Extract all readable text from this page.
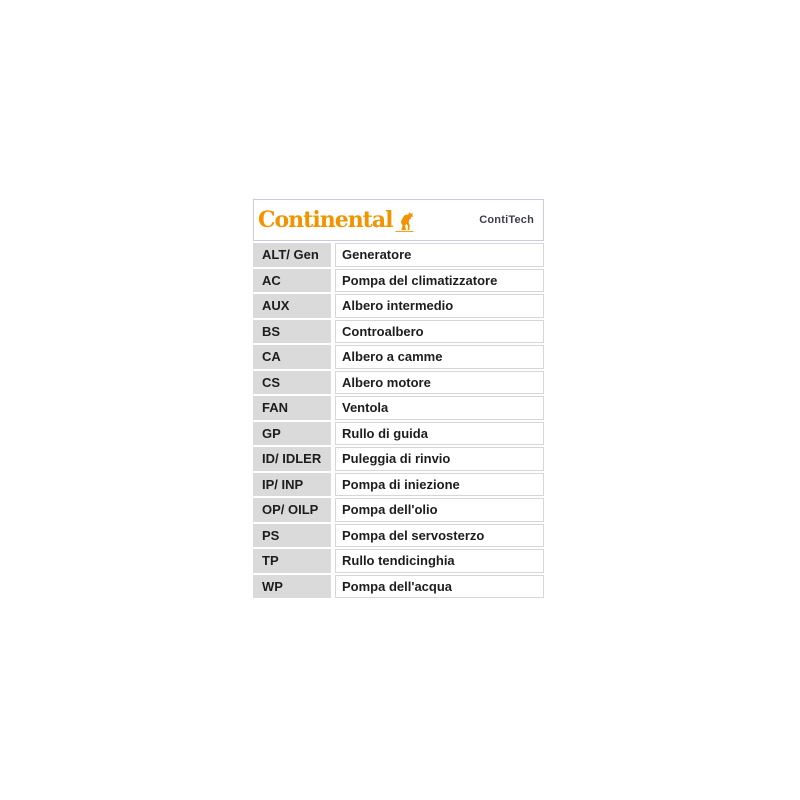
Continental	ContiTech
ALT/ Gen	Generatore
AC	Pompa del climatizzatore
AUX	Albero intermedio
BS	Controalbero
CA	Albero a camme
CS	Albero motore
FAN	Ventola
GP	Rullo di guida
ID/ IDLER	Puleggia di rinvio
IP/ INP	Pompa di iniezione
OP/ OILP	Pompa dell'olio
PS	Pompa del servosterzo
TP	Rullo tendicinghia
WP	Pompa dell'acqua
